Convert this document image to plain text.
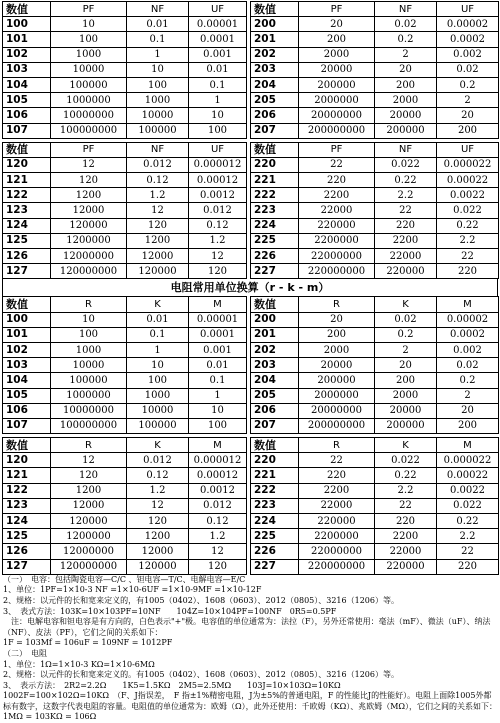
数值	PF	NF	UF		数值	PF	NF	UF
100	10	0.01	0.00001		200	20	0.02	0.00002
101	100	0.1	0.0001		201	200	0.2	0.0002
102	1000	1	0.001		202	2000	2	0.002
103	10000	10	0.01		203	20000	20	0.02
104	100000	100	0.1		204	200000	200	0.2
105	1000000	1000	1		205	2000000	2000	2
106	10000000	10000	10		206	20000000	20000	20
107	100000000	100000	100		207	200000000	200000	200
数值	PF	NF	UF		数值	PF	NF	UF
120	12	0.012	0.000012		220	22	0.022	0.000022
121	120	0.12	0.00012		221	220	0.22	0.00022
122	1200	1.2	0.0012		222	2200	2.2	0.0022
123	12000	12	0.012		223	22000	22	0.022
124	120000	120	0.12		224	220000	220	0.22
125	1200000	1200	1.2		225	2200000	2200	2.2
126	12000000	12000	12		226	22000000	22000	22
127	120000000	120000	120		227	220000000	220000	220
电阻常用单位换算（r - k - m）
数值	R	K	M		数值	R	K	M
100	10	0.01	0.00001		200	20	0.02	0.00002
101	100	0.1	0.0001		201	200	0.2	0.0002
102	1000	1	0.001		202	2000	2	0.002
103	10000	10	0.01		203	20000	20	0.02
104	100000	100	0.1		204	200000	200	0.2
105	1000000	1000	1		205	2000000	2000	2
106	10000000	10000	10		206	20000000	20000	20
107	100000000	100000	100		207	200000000	200000	200
数值	R	K	M		数值	R	K	M
120	12	0.012	0.000012		220	22	0.022	0.000022
121	120	0.12	0.00012		221	220	0.22	0.00022
122	1200	1.2	0.0012		222	2200	2.2	0.0022
123	12000	12	0.012		223	22000	22	0.022
124	120000	120	0.12		224	220000	220	0.22
125	1200000	1200	1.2		225	2200000	2200	2.2
126	12000000	12000	12		226	22000000	22000	22
127	120000000	120000	120		227	220000000	220000	220
（一）　电容：包括陶瓷电容—C/C 、钽电容—T/C、电解电容—E/C
1、单位：1PF=1×10-3 NF =1×10-6UF =1×10-9MF =1×10-12F
2、规格：以元件的长和宽来定义的，有1005（0402）、1608（0603）、2012（0805）、3216（1206）等。
3、　表式方法：103K=10×103PF=10NF　　104Z=10×104PF=100NF　0R5=0.5PF
　注：电解电容和钽电容是有方向的，白色表示"+"极。电容值的单位通常为：法拉（F），另外还常使用：毫法（mF）、微法（uF）、纳法（NF）、皮法（PF），它们之间的关系如下：
1F = 103Mf = 106uF = 109NF = 1012PF
（二）　电阻
1、单位：1Ω=1×10-3 KΩ=1×10-6MΩ
2、规格：以元件的长和宽来定义的。有1005（0402）、1608（0603）、2012（0805）、3216（1206）等。
3、　表示方法：　2R2=2.2Ω　　1K5=1.5KΩ　2M5=2.5MΩ　　103J=10×103Ω=10KΩ
1002F=100×102Ω=10KΩ　（F、J指误差，　F 指±1%精密电阻，J为±5%的普通电阻，F 的性能比J的性能好）。电阻上面除1005外都标有数字，这数字代表电阻的容量。电阻值的单位通常为：欧姆（Ω），此外还使用：千欧姆（KΩ）、兆欧姆（MΩ），它们之间的关系如下：
1MΩ = 103KΩ = 106Ω
